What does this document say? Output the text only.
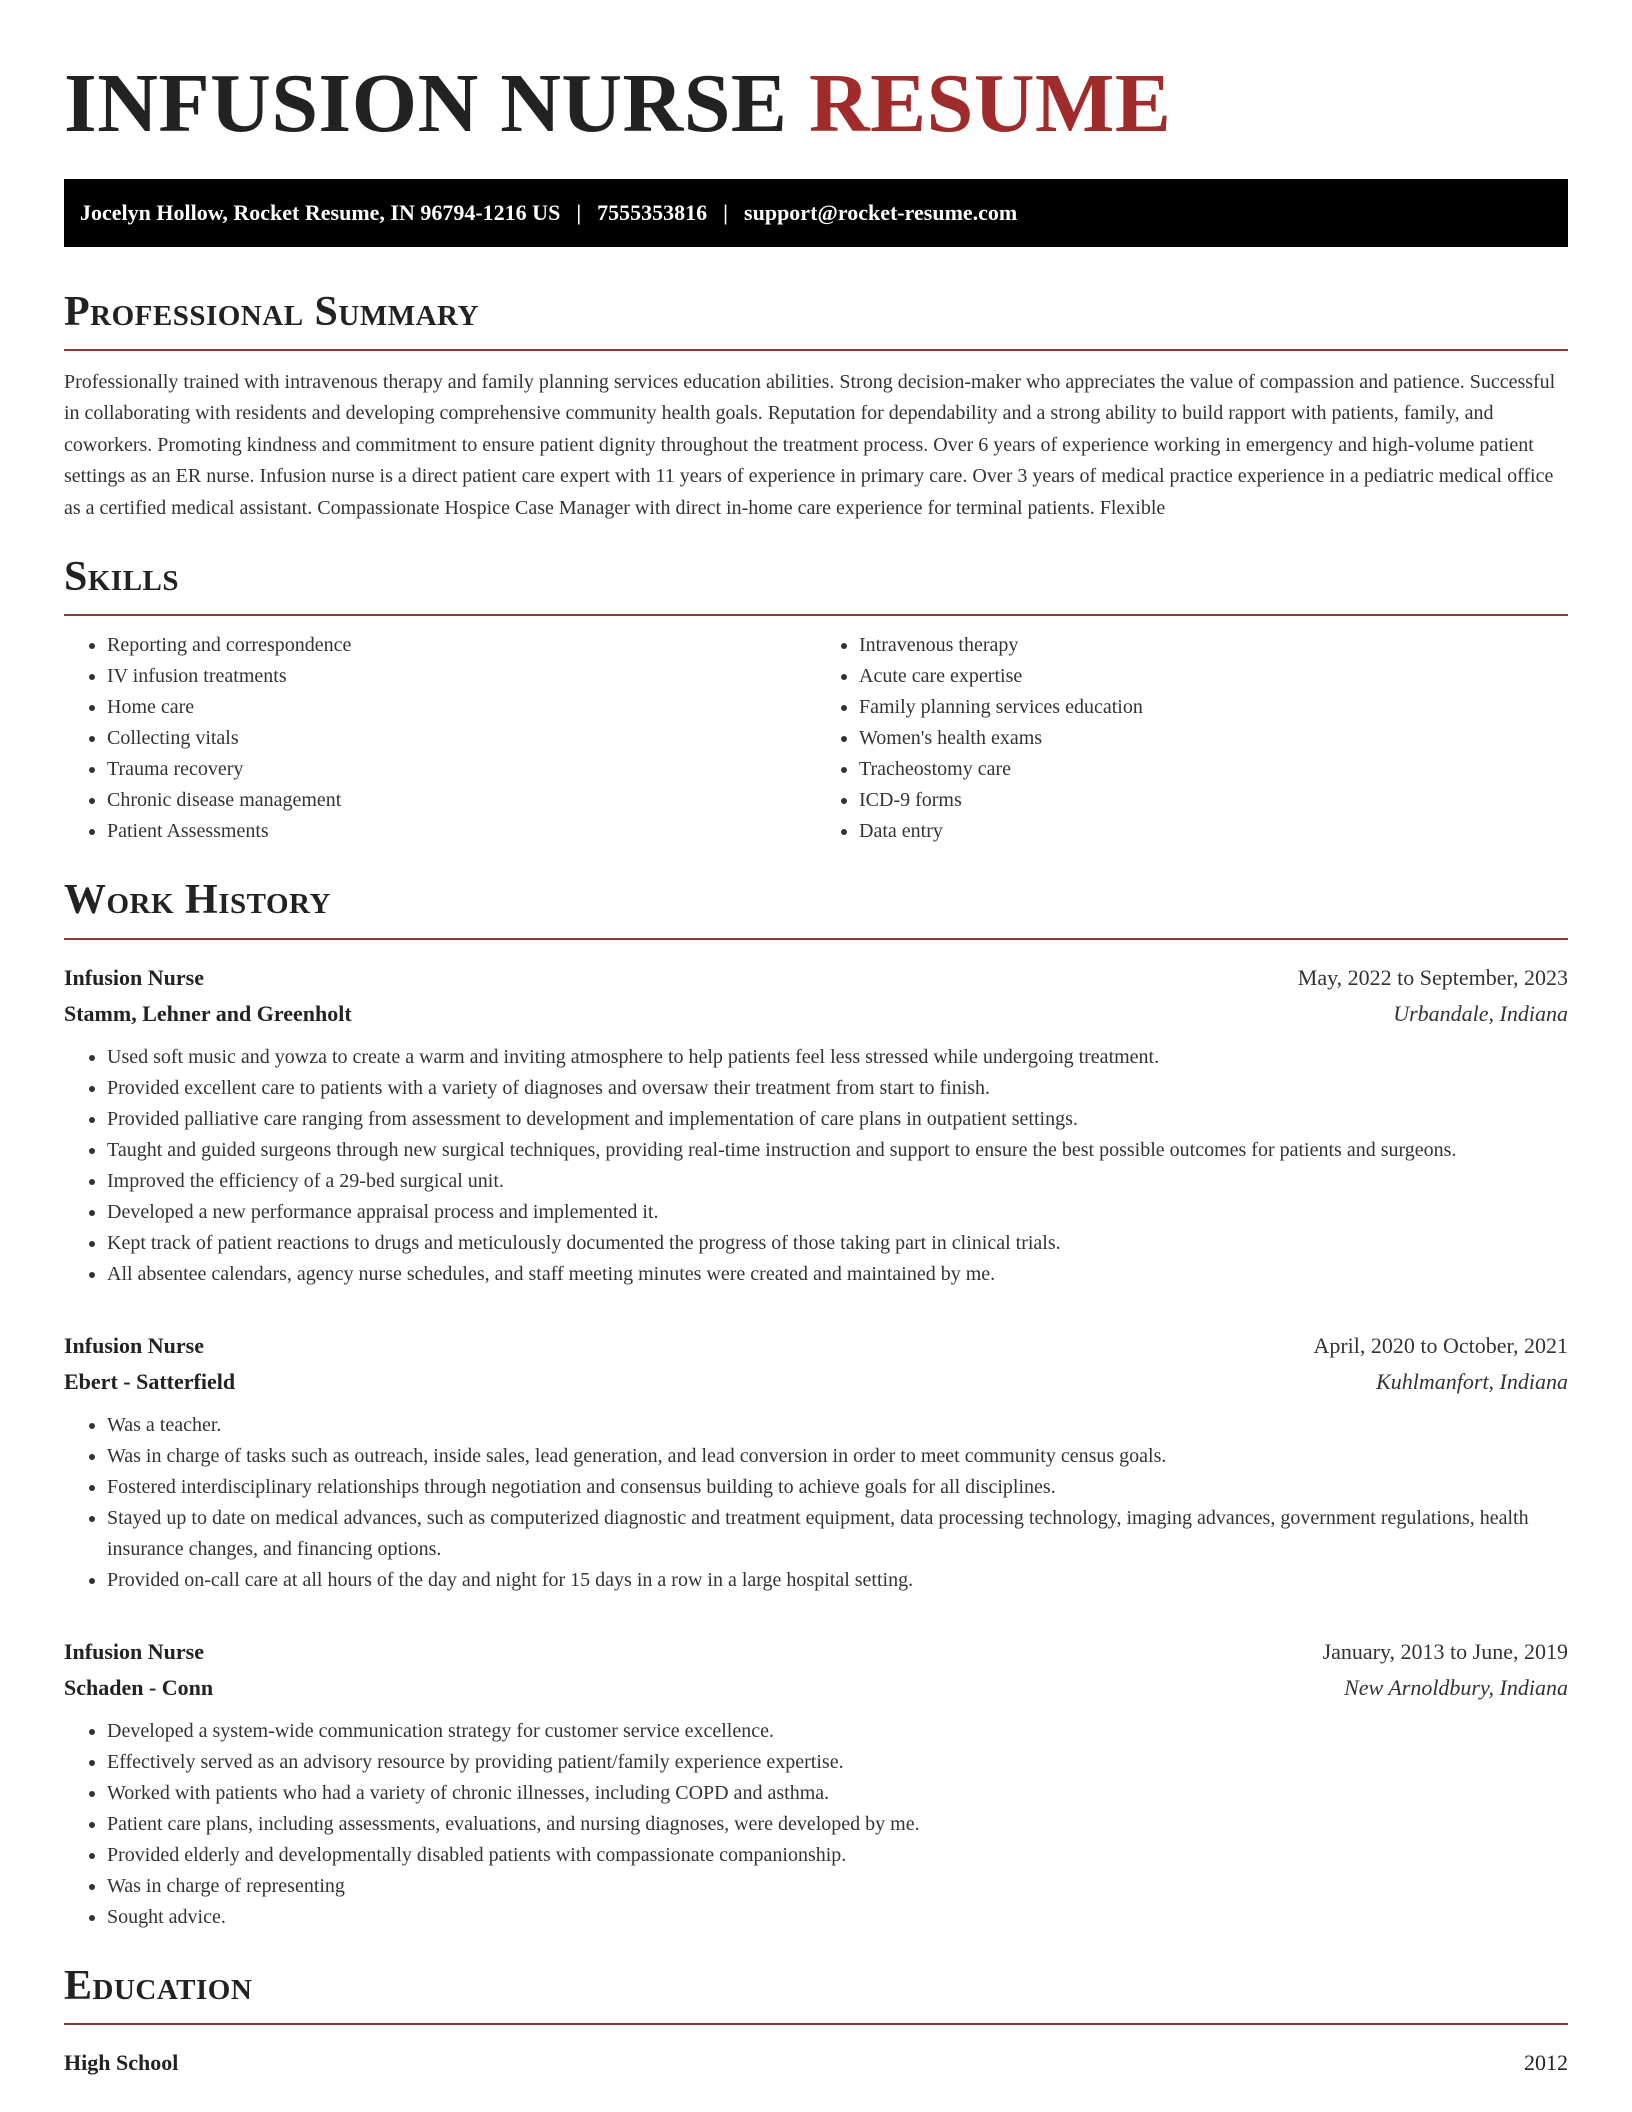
INFUSION NURSE RESUME
Jocelyn Hollow, Rocket Resume, IN 96794-1216 US | 7555353816 | support@rocket-resume.com
Professional Summary

Professionally trained with intravenous therapy and family planning services education abilities. Strong decision-maker who appreciates the value of compassion and patience. Successful in collaborating with residents and developing comprehensive community health goals. Reputation for dependability and a strong ability to build rapport with patients, family, and coworkers. Promoting kindness and commitment to ensure patient dignity throughout the treatment process. Over 6 years of experience working in emergency and high-volume patient settings as an ER nurse. Infusion nurse is a direct patient care expert with 11 years of experience in primary care. Over 3 years of medical practice experience in a pediatric medical office as a certified medical assistant. Compassionate Hospice Case Manager with direct in-home care experience for terminal patients. Flexible

Skills
• Reporting and correspondence
• IV infusion treatments
• Home care
• Collecting vitals
• Trauma recovery
• Chronic disease management
• Patient Assessments
• Intravenous therapy
• Acute care expertise
• Family planning services education
• Women's health exams
• Tracheostomy care
• ICD-9 forms
• Data entry
Work History
Infusion Nurse	May, 2022 to September, 2023
Stamm, Lehner and Greenholt	Urbandale, Indiana
• Used soft music and yowza to create a warm and inviting atmosphere to help patients feel less stressed while undergoing treatment.
• Provided excellent care to patients with a variety of diagnoses and oversaw their treatment from start to finish.
• Provided palliative care ranging from assessment to development and implementation of care plans in outpatient settings.
• Taught and guided surgeons through new surgical techniques, providing real-time instruction and support to ensure the best possible outcomes for patients and surgeons.
• Improved the efficiency of a 29-bed surgical unit.
• Developed a new performance appraisal process and implemented it.
• Kept track of patient reactions to drugs and meticulously documented the progress of those taking part in clinical trials.
• All absentee calendars, agency nurse schedules, and staff meeting minutes were created and maintained by me.
Infusion Nurse	April, 2020 to October, 2021
Ebert - Satterfield	Kuhlmanfort, Indiana
• Was a teacher.
• Was in charge of tasks such as outreach, inside sales, lead generation, and lead conversion in order to meet community census goals.
• Fostered interdisciplinary relationships through negotiation and consensus building to achieve goals for all disciplines.
• Stayed up to date on medical advances, such as computerized diagnostic and treatment equipment, data processing technology, imaging advances, government regulations, health insurance changes, and financing options.
• Provided on-call care at all hours of the day and night for 15 days in a row in a large hospital setting.
Infusion Nurse	January, 2013 to June, 2019
Schaden - Conn	New Arnoldbury, Indiana
• Developed a system-wide communication strategy for customer service excellence.
• Effectively served as an advisory resource by providing patient/family experience expertise.
• Worked with patients who had a variety of chronic illnesses, including COPD and asthma.
• Patient care plans, including assessments, evaluations, and nursing diagnoses, were developed by me.
• Provided elderly and developmentally disabled patients with compassionate companionship.
• Was in charge of representing
• Sought advice.
Education
High School	2012
